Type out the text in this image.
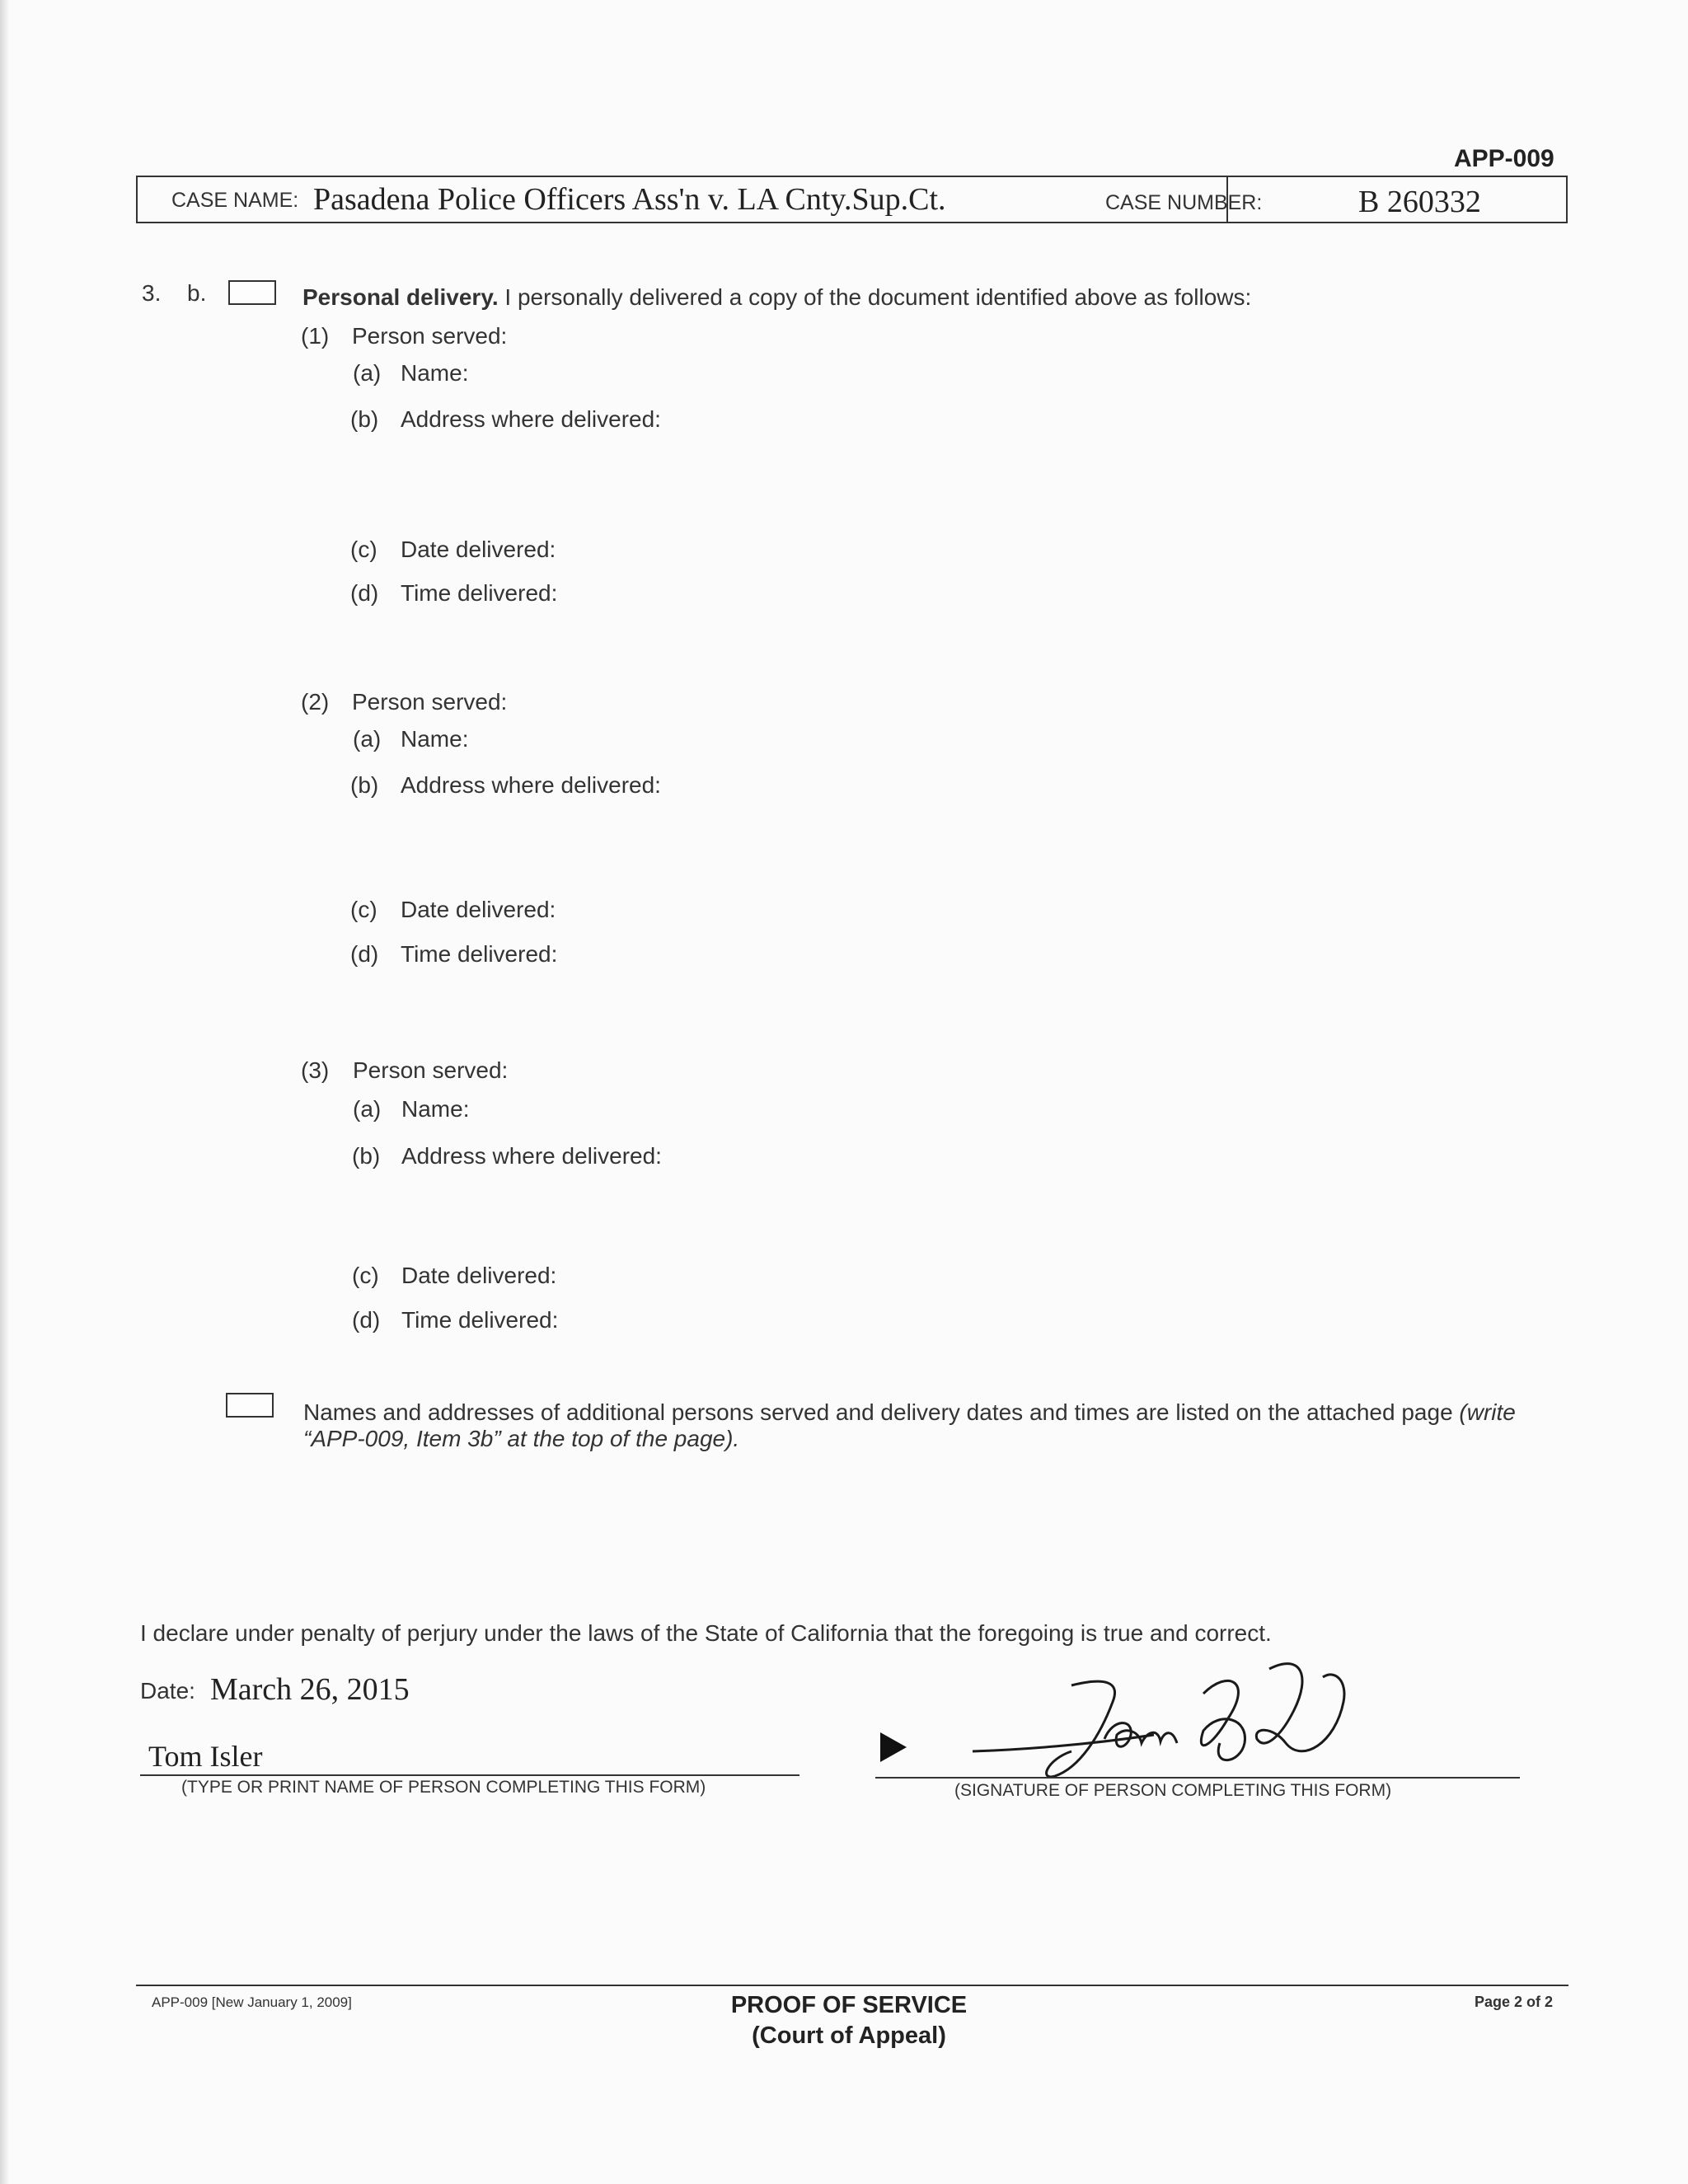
APP-009
CASE NAME: Pasadena Police Officers Ass'n v. LA Cnty.Sup.Ct.	CASE NUMBER:	B 260332
3. b.	Personal delivery. I personally delivered a copy of the document identified above as follows:
(1) Person served:
(a) Name:
(b) Address where delivered:
(c) Date delivered:
(d) Time delivered:
(2) Person served:
(a) Name:
(b) Address where delivered:
(c) Date delivered:
(d) Time delivered:
(3) Person served:
(a) Name:
(b) Address where delivered:
(c) Date delivered:
(d) Time delivered:
Names and addresses of additional persons served and delivery dates and times are listed on the attached page (write
“APP-009, Item 3b” at the top of the page).
I declare under penalty of perjury under the laws of the State of California that the foregoing is true and correct.
Date: March 26, 2015
Tom Isler
(TYPE OR PRINT NAME OF PERSON COMPLETING THIS FORM)	(SIGNATURE OF PERSON COMPLETING THIS FORM)
APP-009 [New January 1, 2009]	PROOF OF SERVICE
(Court of Appeal)
Page 2 of 2
